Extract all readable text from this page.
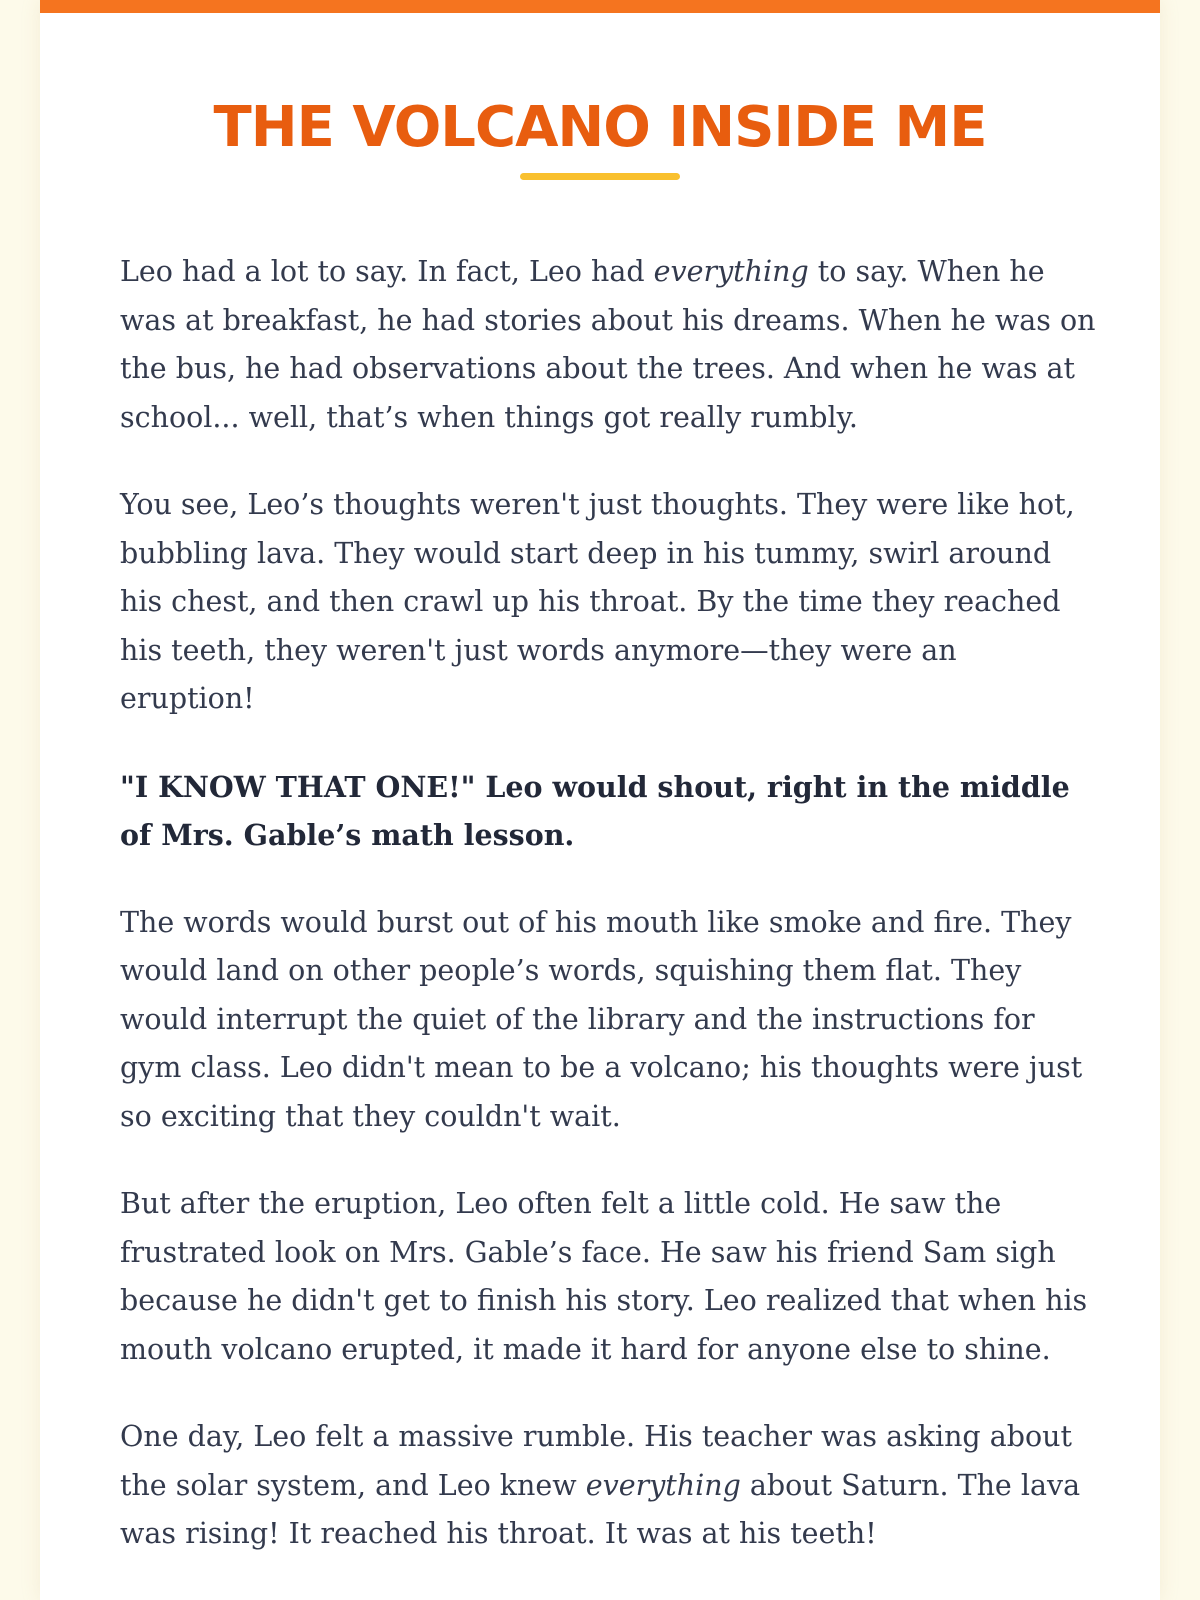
THE VOLCANO INSIDE ME

Leo had a lot to say. In fact, Leo had everything to say. When he was at breakfast, he had stories about his dreams. When he was on the bus, he had observations about the trees. And when he was at school... well, that’s when things got really rumbly.

You see, Leo’s thoughts weren't just thoughts. They were like hot, bubbling lava. They would start deep in his tummy, swirl around his chest, and then crawl up his throat. By the time they reached his teeth, they weren't just words anymore—they were an eruption!

"I KNOW THAT ONE!" Leo would shout, right in the middle of Mrs. Gable’s math lesson.

The words would burst out of his mouth like smoke and fire. They would land on other people’s words, squishing them flat. They would interrupt the quiet of the library and the instructions for gym class. Leo didn't mean to be a volcano; his thoughts were just so exciting that they couldn't wait.

But after the eruption, Leo often felt a little cold. He saw the frustrated look on Mrs. Gable’s face. He saw his friend Sam sigh because he didn't get to finish his story. Leo realized that when his mouth volcano erupted, it made it hard for anyone else to shine.

One day, Leo felt a massive rumble. His teacher was asking about the solar system, and Leo knew everything about Saturn. The lava was rising! It reached his throat. It was at his teeth!
